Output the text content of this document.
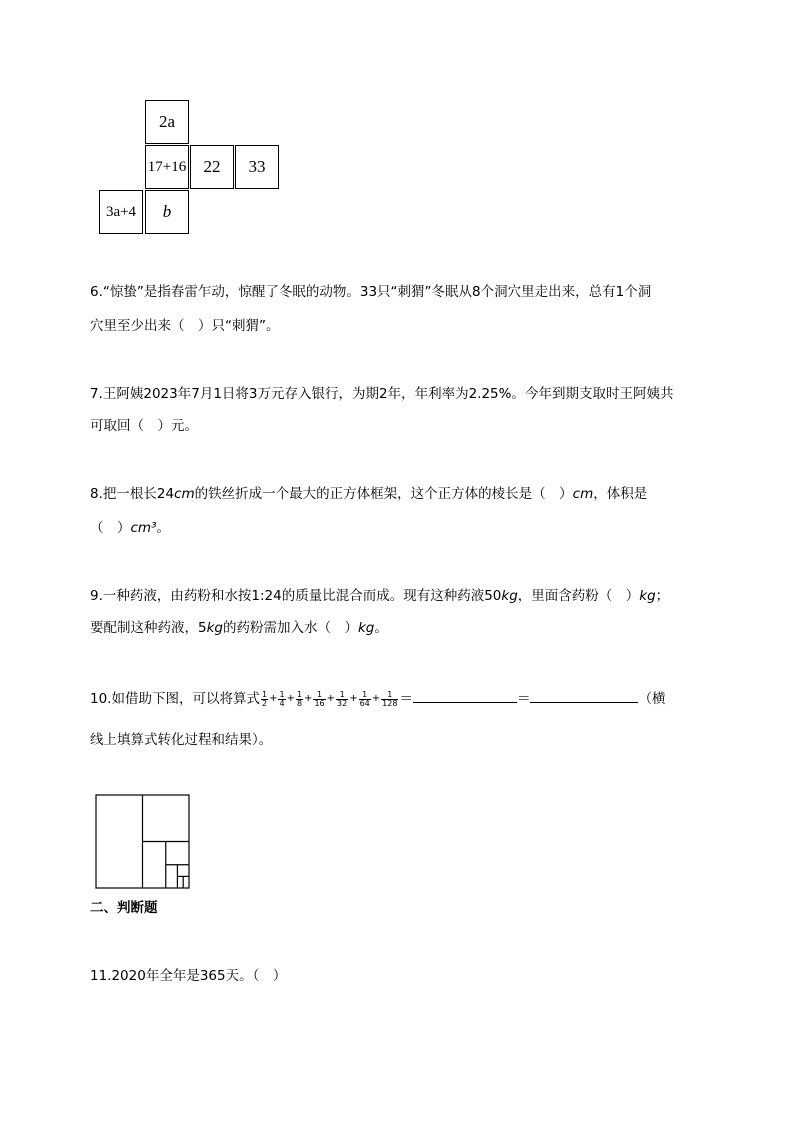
2a
17+16 22 33
3a+4 b
6.“惊蛰”是指春雷乍动，惊醒了冬眠的动物。33只“刺猬”冬眠从8个洞穴里走出来，总有1个洞
穴里至少出来（　）只“刺猬”。
7.王阿姨2023年7月1日将3万元存入银行，为期2年，年利率为2.25%。今年到期支取时王阿姨共
可取回（　）元。
8.把一根长24cm的铁丝折成一个最大的正方体框架，这个正方体的棱长是（　）cm，体积是
（　）cm³。
9.一种药液，由药粉和水按1:24的质量比混合而成。现有这种药液50kg，里面含药粉（　）kg；
要配制这种药液，5kg的药粉需加入水（　）kg。
10.如借助下图，可以将算式 $\frac{1}{2} + \frac{1}{4} + \frac{1}{8} + \frac{1}{16} + \frac{1}{32} + \frac{1}{64} + \frac{1}{128}$ ＝	＝	（横
线上填算式转化过程和结果）。
二、判断题
11.2020年全年是365天。（　）
